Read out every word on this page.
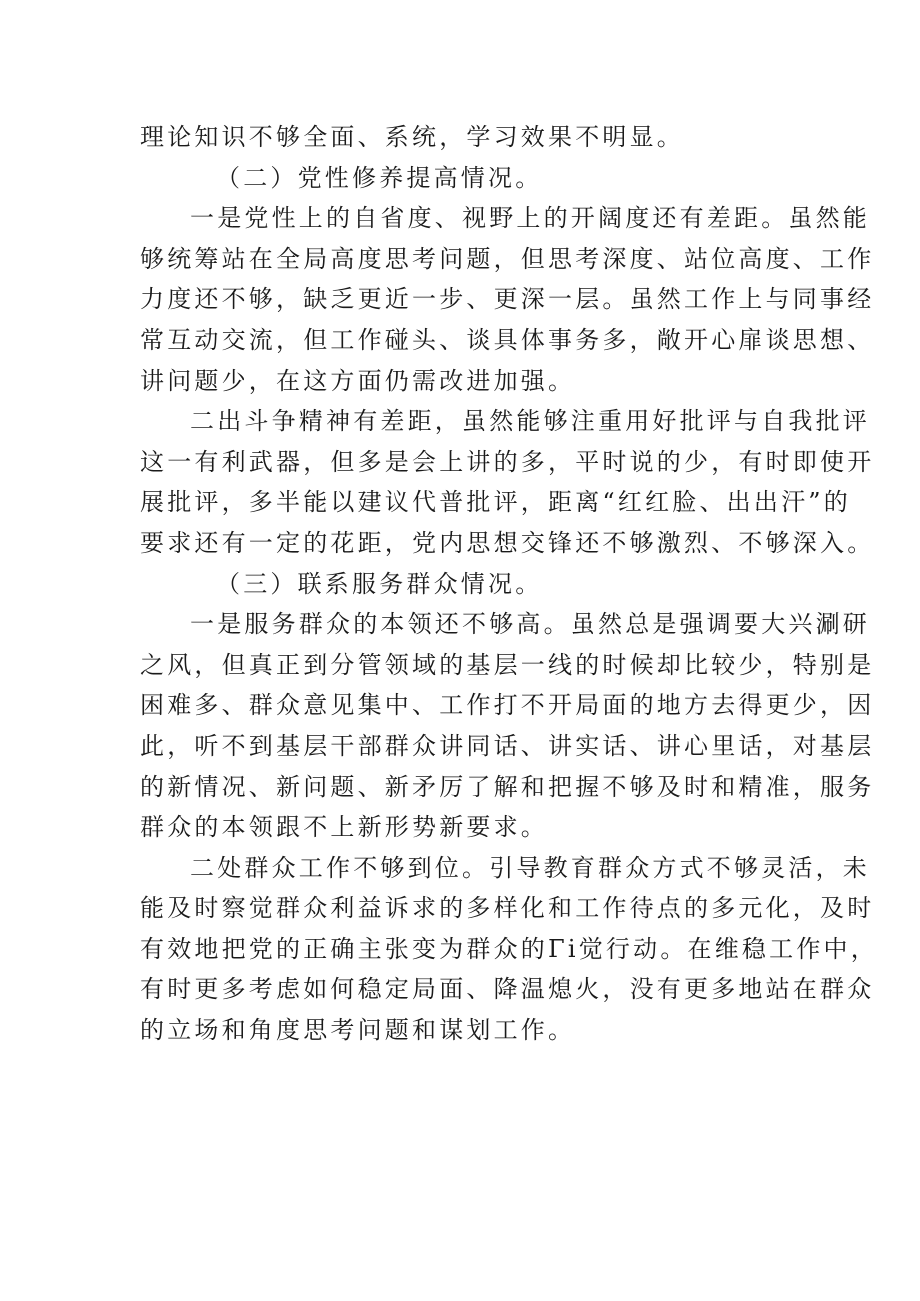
理论知识不够全面、系统，学习效果不明显。
（二）党性修养提高情况。
一是党性上的自省度、视野上的开阔度还有差距。虽然能
够统筹站在全局高度思考问题，但思考深度、站位高度、工作
力度还不够，缺乏更近一步、更深一层。虽然工作上与同事经
常互动交流，但工作碰头、谈具体事务多，敞开心扉谈思想、
讲问题少，在这方面仍需改进加强。
二出斗争精神有差距，虽然能够注重用好批评与自我批评
这一有利武器，但多是会上讲的多，平时说的少，有时即使开
展批评，多半能以建议代普批评，距离“红红脸、出出汗”的
要求还有一定的花距，党内思想交锋还不够激烈、不够深入。
（三）联系服务群众情况。
一是服务群众的本领还不够高。虽然总是强调要大兴涮研
之风，但真正到分管领域的基层一线的时候却比较少，特别是
困难多、群众意见集中、工作打不开局面的地方去得更少，因
此，听不到基层干部群众讲同话、讲实话、讲心里话，对基层
的新情况、新问题、新矛厉了解和把握不够及时和精准，服务
群众的本领跟不上新形势新要求。
二处群众工作不够到位。引导教育群众方式不够灵活，未
能及时察觉群众利益诉求的多样化和工作待点的多元化，及时
有效地把党的正确主张变为群众的Γi觉行动。在维稳工作中，
有时更多考虑如何稳定局面、降温熄火，没有更多地站在群众
的立场和角度思考问题和谋划工作。
